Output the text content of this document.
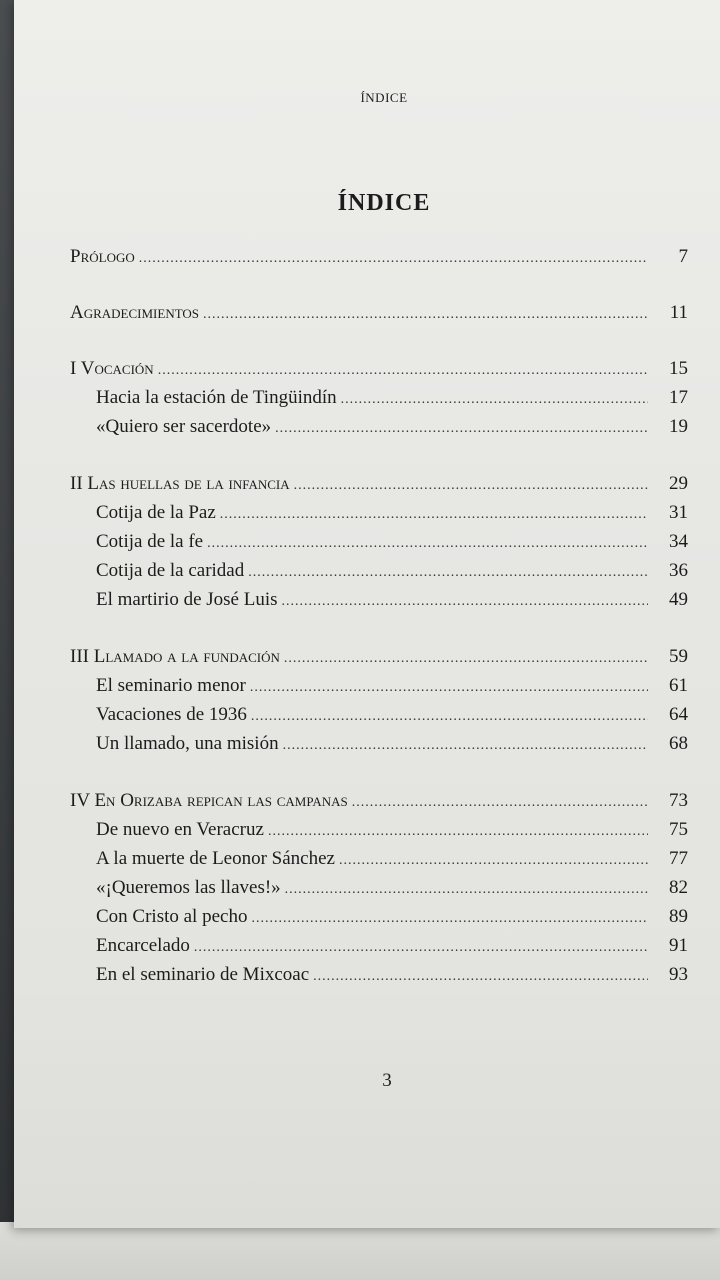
ÍNDICE
ÍNDICE
Prólogo .....	7
Agradecimientos .....	11
I Vocación .....	15
Hacia la estación de Tingüindín .....	17
«Quiero ser sacerdote» .....	19
II Las huellas de la infancia .....	29
Cotija de la Paz .....	31
Cotija de la fe .....	34
Cotija de la caridad .....	36
El martirio de José Luis .....	49
III Llamado a la fundación .....	59
El seminario menor .....	61
Vacaciones de 1936 .....	64
Un llamado, una misión .....	68
IV En Orizaba repican las campanas .....	73
De nuevo en Veracruz .....	75
A la muerte de Leonor Sánchez .....	77
«¡Queremos las llaves!» .....	82
Con Cristo al pecho .....	89
Encarcelado .....	91
En el seminario de Mixcoac .....	93
3
